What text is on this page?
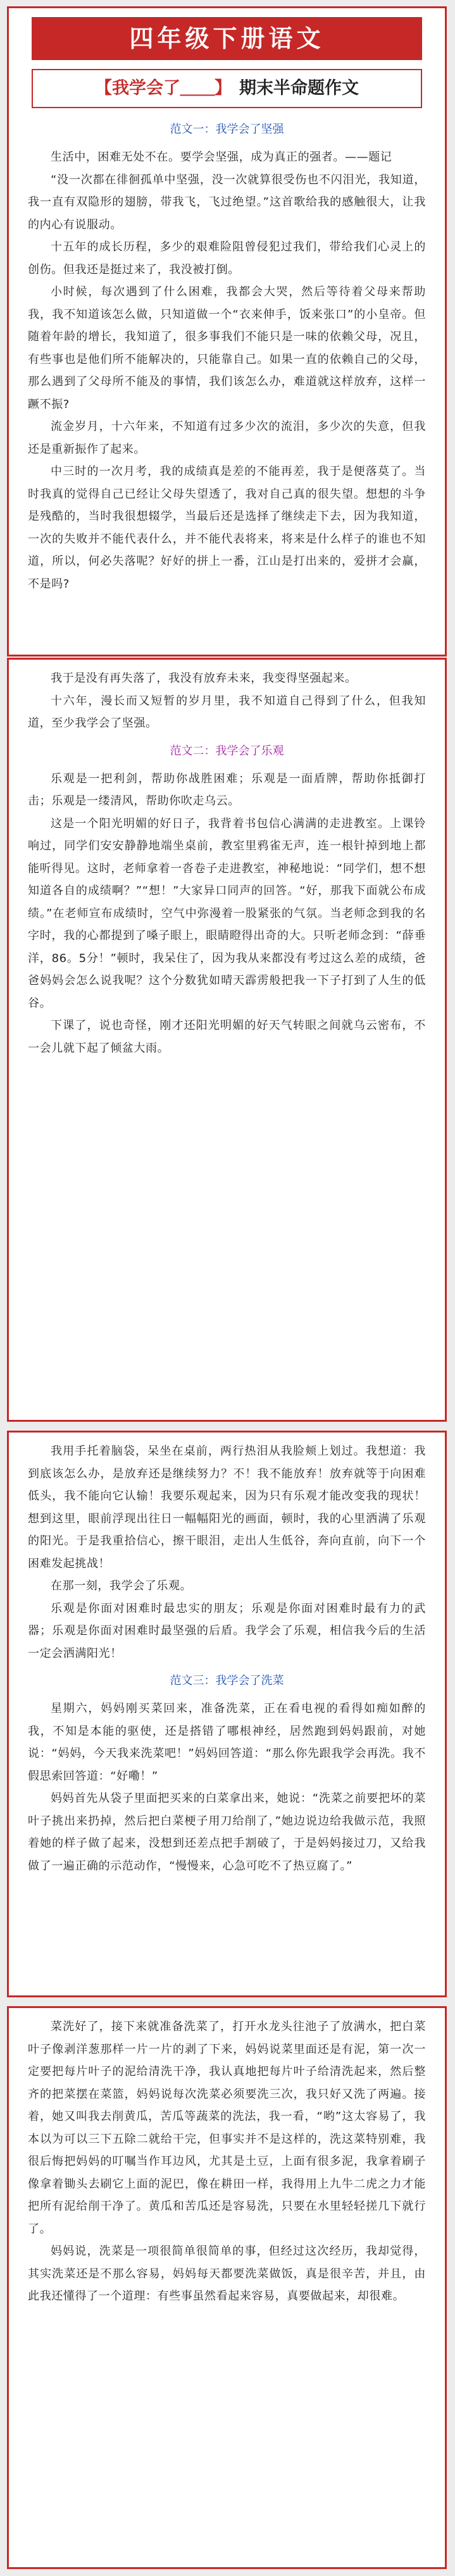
四年级下册语文
【我学会了＿＿】 期末半命题作文
范文一：我学会了坚强

生活中，困难无处不在。要学会坚强，成为真正的强者。——题记

“没一次都在徘徊孤单中坚强，没一次就算很受伤也不闪泪光，我知道，我一直有双隐形的翅膀，带我飞，飞过绝望。”这首歌给我的感触很大，让我的内心有说服动。

十五年的成长历程，多少的艰难险阻曾侵犯过我们，带给我们心灵上的创伤。但我还是挺过来了，我没被打倒。

小时候，每次遇到了什么困难，我都会大哭，然后等待着父母来帮助我，我不知道该怎么做，只知道做一个“衣来伸手，饭来张口”的小皇帝。但随着年龄的增长，我知道了，很多事我们不能只是一味的依赖父母，况且，有些事也是他们所不能解决的，只能靠自己。如果一直的依赖自己的父母，那么遇到了父母所不能及的事情，我们该怎么办，难道就这样放弃，这样一蹶不振?

流金岁月，十六年来，不知道有过多少次的流泪，多少次的失意，但我还是重新振作了起来。

中三时的一次月考，我的成绩真是差的不能再差，我于是便落莫了。当时我真的觉得自己已经让父母失望透了，我对自己真的很失望。想想的斗争是残酷的，当时我很想辍学，当最后还是选择了继续走下去，因为我知道，一次的失败并不能代表什么，并不能代表将来，将来是什么样子的谁也不知道，所以，何必失落呢？好好的拼上一番，江山是打出来的，爱拼才会赢，不是吗?

我于是没有再失落了，我没有放弃未来，我变得坚强起来。

十六年，漫长而又短暂的岁月里，我不知道自己得到了什么，但我知道，至少我学会了坚强。

范文二：我学会了乐观

乐观是一把利剑，帮助你战胜困难；乐观是一面盾牌，帮助你抵御打击；乐观是一缕清风，帮助你吹走乌云。

这是一个阳光明媚的好日子，我背着书包信心满满的走进教室。上课铃响过，同学们安安静静地端坐桌前，教室里鸦雀无声，连一根针掉到地上都能听得见。这时，老师拿着一沓卷子走进教室，神秘地说：“同学们，想不想知道各自的成绩啊？”“想！”大家异口同声的回答。“好，那我下面就公布成绩。”在老师宣布成绩时，空气中弥漫着一股紧张的气氛。当老师念到我的名字时，我的心都提到了嗓子眼上，眼睛瞪得出奇的大。只听老师念到：“薛垂洋，86。5分！”顿时，我呆住了，因为我从来都没有考过这么差的成绩，爸爸妈妈会怎么说我呢？这个分数犹如晴天霹雳般把我一下子打到了人生的低谷。

下课了，说也奇怪，刚才还阳光明媚的好天气转眼之间就乌云密布，不一会儿就下起了倾盆大雨。

我用手托着脑袋，呆坐在桌前，两行热泪从我脸颊上划过。我想道：我到底该怎么办，是放弃还是继续努力？不！我不能放弃！放弃就等于向困难低头，我不能向它认输！我要乐观起来，因为只有乐观才能改变我的现状！想到这里，眼前浮现出往日一幅幅阳光的画面，顿时，我的心里洒满了乐观的阳光。于是我重拾信心，擦干眼泪，走出人生低谷，奔向直前，向下一个困难发起挑战！

在那一刻，我学会了乐观。

乐观是你面对困难时最忠实的朋友；乐观是你面对困难时最有力的武器；乐观是你面对困难时最坚强的后盾。我学会了乐观，相信我今后的生活一定会洒满阳光！

范文三：我学会了洗菜

星期六，妈妈刚买菜回来，准备洗菜，正在看电视的看得如痴如醉的我，不知是本能的驱使，还是搭错了哪根神经，居然跑到妈妈跟前，对她说：“妈妈，今天我来洗菜吧！”妈妈回答道：“那么你先跟我学会再洗。我不假思索回答道：“好嘞！”

妈妈首先从袋子里面把买来的白菜拿出来，她说：“洗菜之前要把坏的菜叶子挑出来扔掉，然后把白菜梗子用刀给削了，”她边说边给我做示范，我照着她的样子做了起来，没想到还差点把手割破了，于是妈妈接过刀，又给我做了一遍正确的示范动作，“慢慢来，心急可吃不了热豆腐了。”

菜洗好了，接下来就准备洗菜了，打开水龙头往池子了放满水，把白菜叶子像剥洋葱那样一片一片的剥了下来，妈妈说菜里面还是有泥，第一次一定要把每片叶子的泥给清洗干净，我认真地把每片叶子给清洗起来，然后整齐的把菜摆在菜篮，妈妈说每次洗菜必须要洗三次，我只好又洗了两遍。接着，她又叫我去削黄瓜，苦瓜等蔬菜的洗法，我一看，“哟”这太容易了，我本以为可以三下五除二就给干完，但事实并不是这样的，洗这菜特别难，我很后悔把妈妈的叮嘱当作耳边风，尤其是土豆，上面有很多泥，我拿着刷子像拿着锄头去刷它上面的泥巴，像在耕田一样，我得用上九牛二虎之力才能把所有泥给削干净了。黄瓜和苦瓜还是容易洗，只要在水里轻轻搓几下就行了。

妈妈说，洗菜是一项很简单很简单的事，但经过这次经历，我却觉得，其实洗菜还是不那么容易，妈妈每天都要洗菜做饭，真是很辛苦，并且，由此我还懂得了一个道理：有些事虽然看起来容易，真要做起来，却很难。
